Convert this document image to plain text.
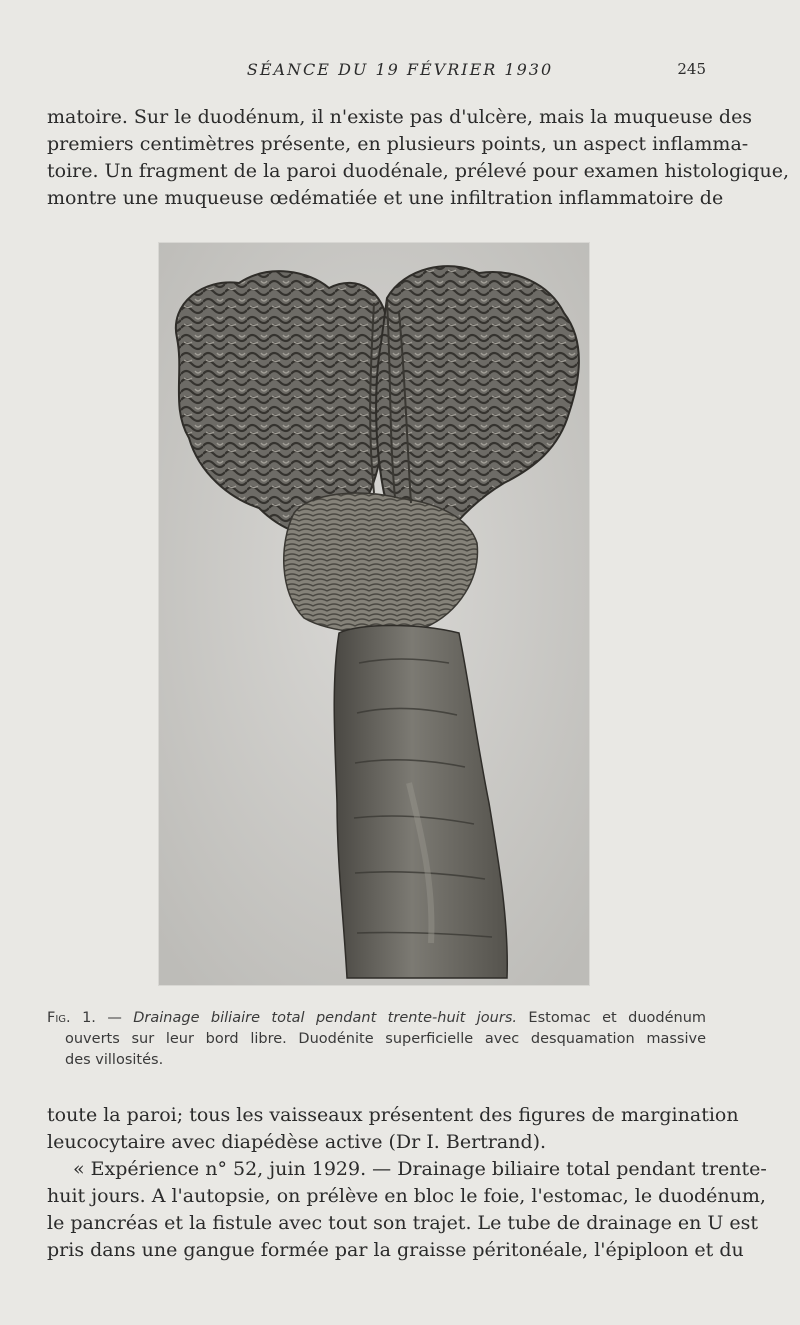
SÉANCE DU 19 FÉVRIER 1930	245

matoire. Sur le duodénum, il n'existe pas d'ulcère, mais la muqueuse des
premiers centimètres présente, en plusieurs points, un aspect inflamma-
toire. Un fragment de la paroi duodénale, prélevé pour examen histologique,
montre une muqueuse œdématiée et une infiltration inflammatoire de

Fig. 1. — Drainage biliaire total pendant trente-huit jours. Estomac et duodénum
ouverts sur leur bord libre. Duodénite superficielle avec desquamation massive
des villosités.

toute la paroi; tous les vaisseaux présentent des figures de margination
leucocytaire avec diapédèse active (Dr I. Bertrand).
« Expérience n° 52, juin 1929. — Drainage biliaire total pendant trente-
huit jours. A l'autopsie, on prélève en bloc le foie, l'estomac, le duodénum,
le pancréas et la fistule avec tout son trajet. Le tube de drainage en U est
pris dans une gangue formée par la graisse péritonéale, l'épiploon et du
